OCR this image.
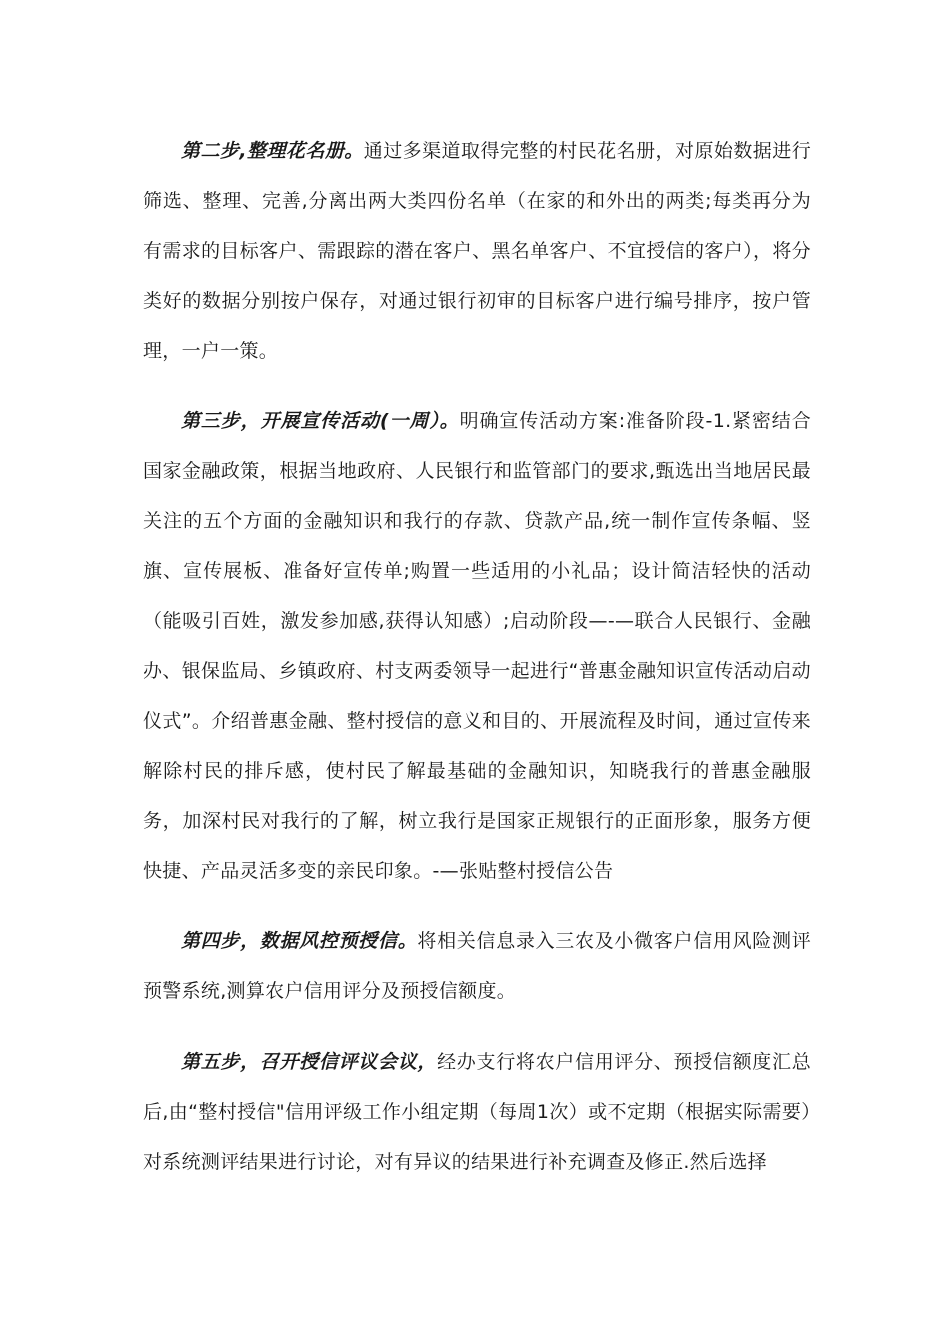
第二步,整理花名册。通过多渠道取得完整的村民花名册，对原始数据进行筛选、整理、完善,分离出两大类四份名单（在家的和外出的两类;每类再分为有需求的目标客户、需跟踪的潜在客户、黑名单客户、不宜授信的客户），将分类好的数据分别按户保存，对通过银行初审的目标客户进行编号排序，按户管理，一户一策。

第三步，开展宣传活动(一周）。明确宣传活动方案:准备阶段-1.紧密结合国家金融政策，根据当地政府、人民银行和监管部门的要求,甄选出当地居民最关注的五个方面的金融知识和我行的存款、贷款产品,统一制作宣传条幅、竖旗、宣传展板、准备好宣传单;购置一些适用的小礼品；设计简洁轻快的活动（能吸引百姓，激发参加感,获得认知感）;启动阶段—-—联合人民银行、金融办、银保监局、乡镇政府、村支两委领导一起进行“普惠金融知识宣传活动启动仪式”。介绍普惠金融、整村授信的意义和目的、开展流程及时间，通过宣传来解除村民的排斥感，使村民了解最基础的金融知识，知晓我行的普惠金融服务，加深村民对我行的了解，树立我行是国家正规银行的正面形象，服务方便快捷、产品灵活多变的亲民印象。-—张贴整村授信公告

第四步，数据风控预授信。将相关信息录入三农及小微客户信用风险测评预警系统,测算农户信用评分及预授信额度。

第五步，召开授信评议会议，经办支行将农户信用评分、预授信额度汇总后,由“整村授信"信用评级工作小组定期（每周1次）或不定期（根据实际需要）对系统测评结果进行讨论，对有异议的结果进行补充调查及修正.然后选择
